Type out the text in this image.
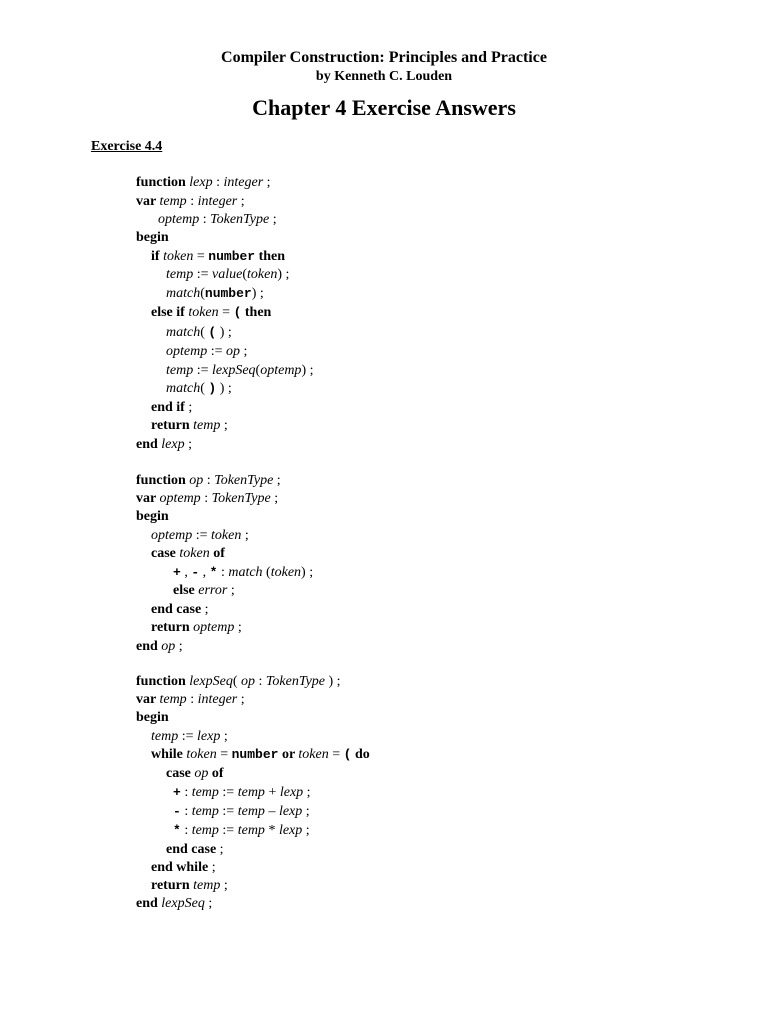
Compiler Construction: Principles and Practice
by Kenneth C. Louden
Chapter 4 Exercise Answers
Exercise 4.4
function lexp : integer ;
var temp : integer ;
optemp : TokenType ;
begin
if token = number then
temp := value(token) ;
match(number) ;
else if token = ( then
match( ( ) ;
optemp := op ;
temp := lexpSeq(optemp) ;
match( ) ) ;
end if ;
return temp ;
end lexp ;
function op : TokenType ;
var optemp : TokenType ;
begin
optemp := token ;
case token of
+ , - , * : match (token) ;
else error ;
end case ;
return optemp ;
end op ;
function lexpSeq( op : TokenType ) ;
var temp : integer ;
begin
temp := lexp ;
while token = number or token = ( do
case op of
+ : temp := temp + lexp ;
- : temp := temp – lexp ;
* : temp := temp * lexp ;
end case ;
end while ;
return temp ;
end lexpSeq ;
